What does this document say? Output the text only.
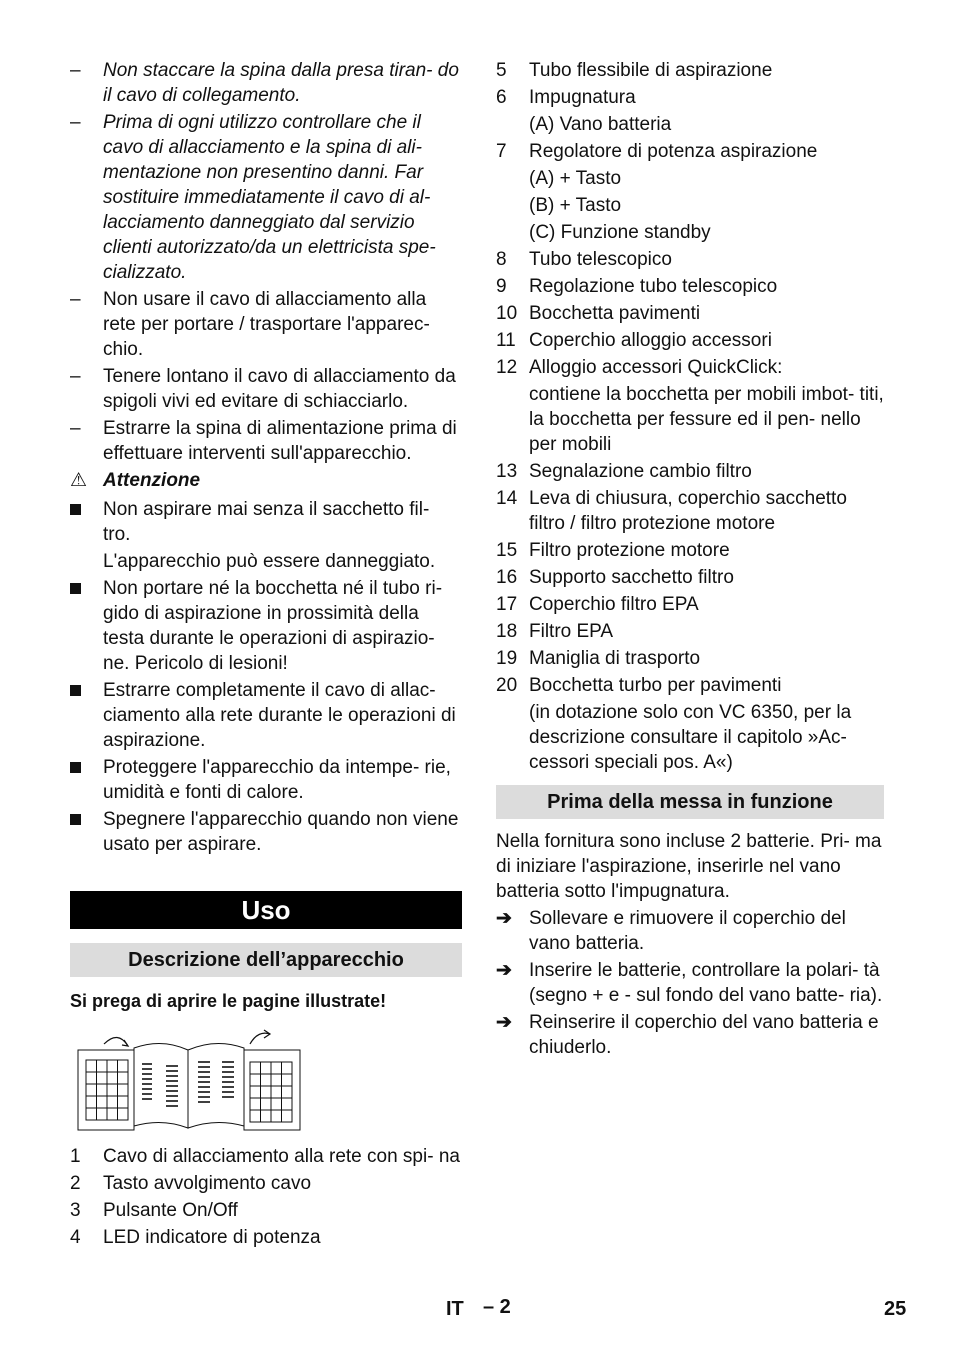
–	Non staccare la spina dalla presa tiran- do il cavo di collegamento.
–	Prima di ogni utilizzo controllare che il cavo di allacciamento e la spina di ali- mentazione non presentino danni. Far sostituire immediatamente il cavo di al- lacciamento danneggiato dal servizio clienti autorizzato/da un elettricista spe- cializzato.
–	Non usare il cavo di allacciamento alla rete per portare / trasportare l'apparec- chio.
–	Tenere lontano il cavo di allacciamento da spigoli vivi ed evitare di schiacciarlo.
–	Estrarre la spina di alimentazione prima di effettuare interventi sull'apparecchio.
⚠ Attenzione
Non aspirare mai senza il sacchetto fil- tro.
L'apparecchio può essere danneggiato.
Non portare né la bocchetta né il tubo ri- gido di aspirazione in prossimità della testa durante le operazioni di aspirazio- ne. Pericolo di lesioni!
Estrarre completamente il cavo di allac- ciamento alla rete durante le operazioni di aspirazione.
Proteggere l'apparecchio da intempe- rie, umidità e fonti di calore.
Spegnere l'apparecchio quando non viene usato per aspirare.
Uso
Descrizione dell’apparecchio
Si prega di aprire le pagine illustrate!
1	Cavo di allacciamento alla rete con spi- na
2	Tasto avvolgimento cavo
3	Pulsante On/Off
4	LED indicatore di potenza
5	Tubo flessibile di aspirazione
6	Impugnatura
(A) Vano batteria
7	Regolatore di potenza aspirazione
(A) + Tasto
(B) + Tasto
(C) Funzione standby
8	Tubo telescopico
9	Regolazione tubo telescopico
10 Bocchetta pavimenti
11 Coperchio alloggio accessori
12 Alloggio accessori QuickClick:
contiene la bocchetta per mobili imbot- titi, la bocchetta per fessure ed il pen- nello per mobili
13 Segnalazione cambio filtro
14 Leva di chiusura, coperchio sacchetto filtro / filtro protezione motore
15 Filtro protezione motore
16 Supporto sacchetto filtro
17 Coperchio filtro EPA
18 Filtro EPA
19 Maniglia di trasporto
20 Bocchetta turbo per pavimenti
(in dotazione solo con VC 6350, per la descrizione consultare il capitolo »Ac- cessori speciali pos. A«)
Prima della messa in funzione
Nella fornitura sono incluse 2 batterie. Pri- ma di iniziare l'aspirazione, inserirle nel vano batteria sotto l'impugnatura.
➔ Sollevare e rimuovere il coperchio del vano batteria.
➔ Inserire le batterie, controllare la polari- tà (segno + e - sul fondo del vano batte- ria).
➔ Reinserire il coperchio del vano batteria e chiuderlo.
IT – 2	25
